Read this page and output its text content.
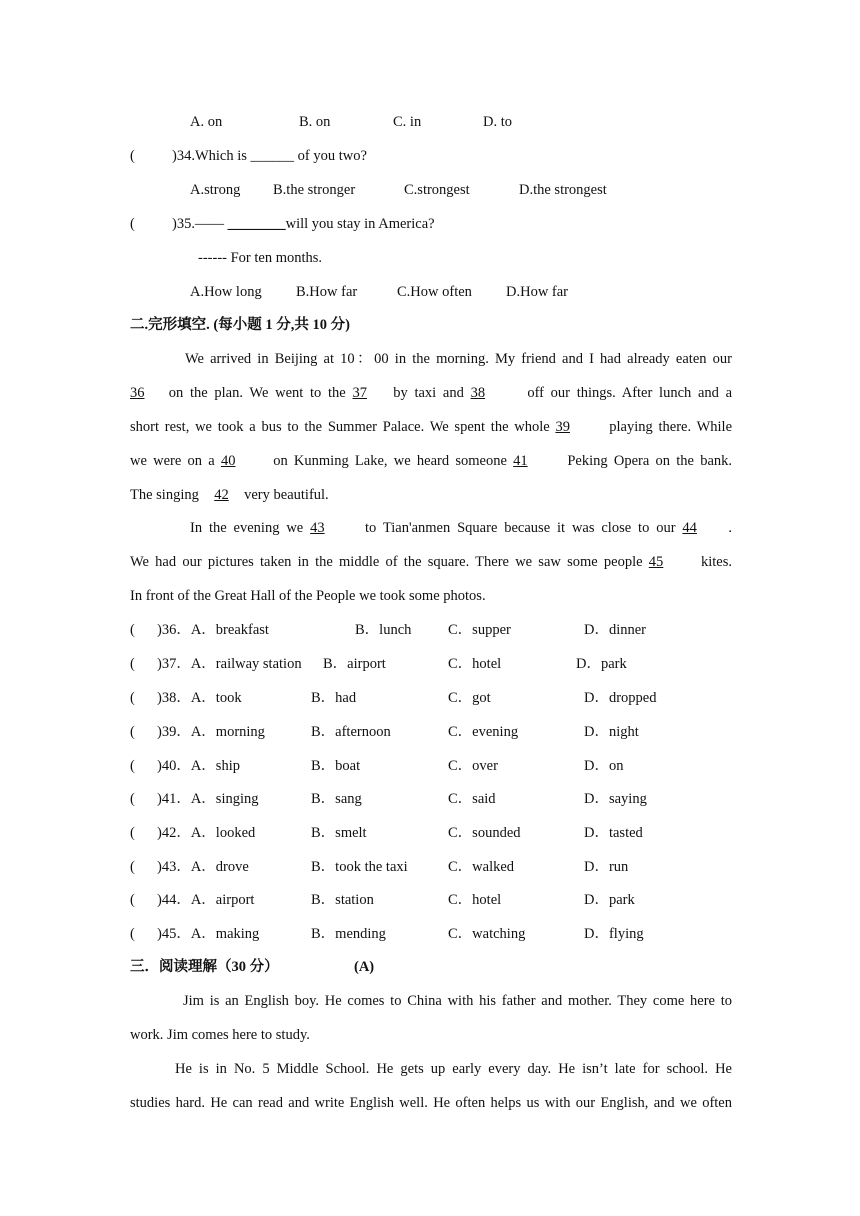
A. on	B. on	C. in	D. to
(	)34.Which is ______ of you two?
A.strong B.the stronger	C.strongest	D.the strongest
(	)35.—— ________will you stay in America?
------ For ten months.
A.How long B.How far	C.How often D.How far
二.完形填空. (每小题 1 分,共 10 分)
We arrived in Beijing at 10：00 in the morning. My friend and I had already eaten our
36 on the plan. We went to the 37 by taxi and 38	off our things. After lunch and a
short rest, we took a bus to the Summer Palace. We spent the whole 39	playing there. While
we were on a 40	on Kunming Lake, we heard someone 41	Peking Opera on the bank.
The singing 42 very beautiful.
In the evening we 43	to Tian'anmen Square because it was close to our 44 .
We had our pictures taken in the middle of the square. There we saw some people 45	kites.
In front of the Great Hall of the People we took some photos.
( )36．A．breakfast	B．lunch	C．supper	D．dinner
( )37．A．railway station B．airport	C．hotel	D．park
( )38．A．took	B．had	C．got	D．dropped
( )39．A．morning	B．afternoon	C．evening	D．night
( )40．A．ship	B．boat	C．over	D．on
( )41．A．singing	B．sang	C．said	D．saying
( )42．A．looked	B．smelt	C．sounded	D．tasted
( )43．A．drove	B．took the taxi	C．walked	D．run
( )44．A．airport	B．station	C．hotel	D．park
( )45．A．making	B．mending	C．watching	D．flying
三．阅读理解（30 分）	(A)
Jim is an English boy. He comes to China with his father and mother. They come here to
work. Jim comes here to study.
He is in No. 5 Middle School. He gets up early every day. He isn’t late for school. He
studies hard. He can read and write English well. He often helps us with our English, and we often
